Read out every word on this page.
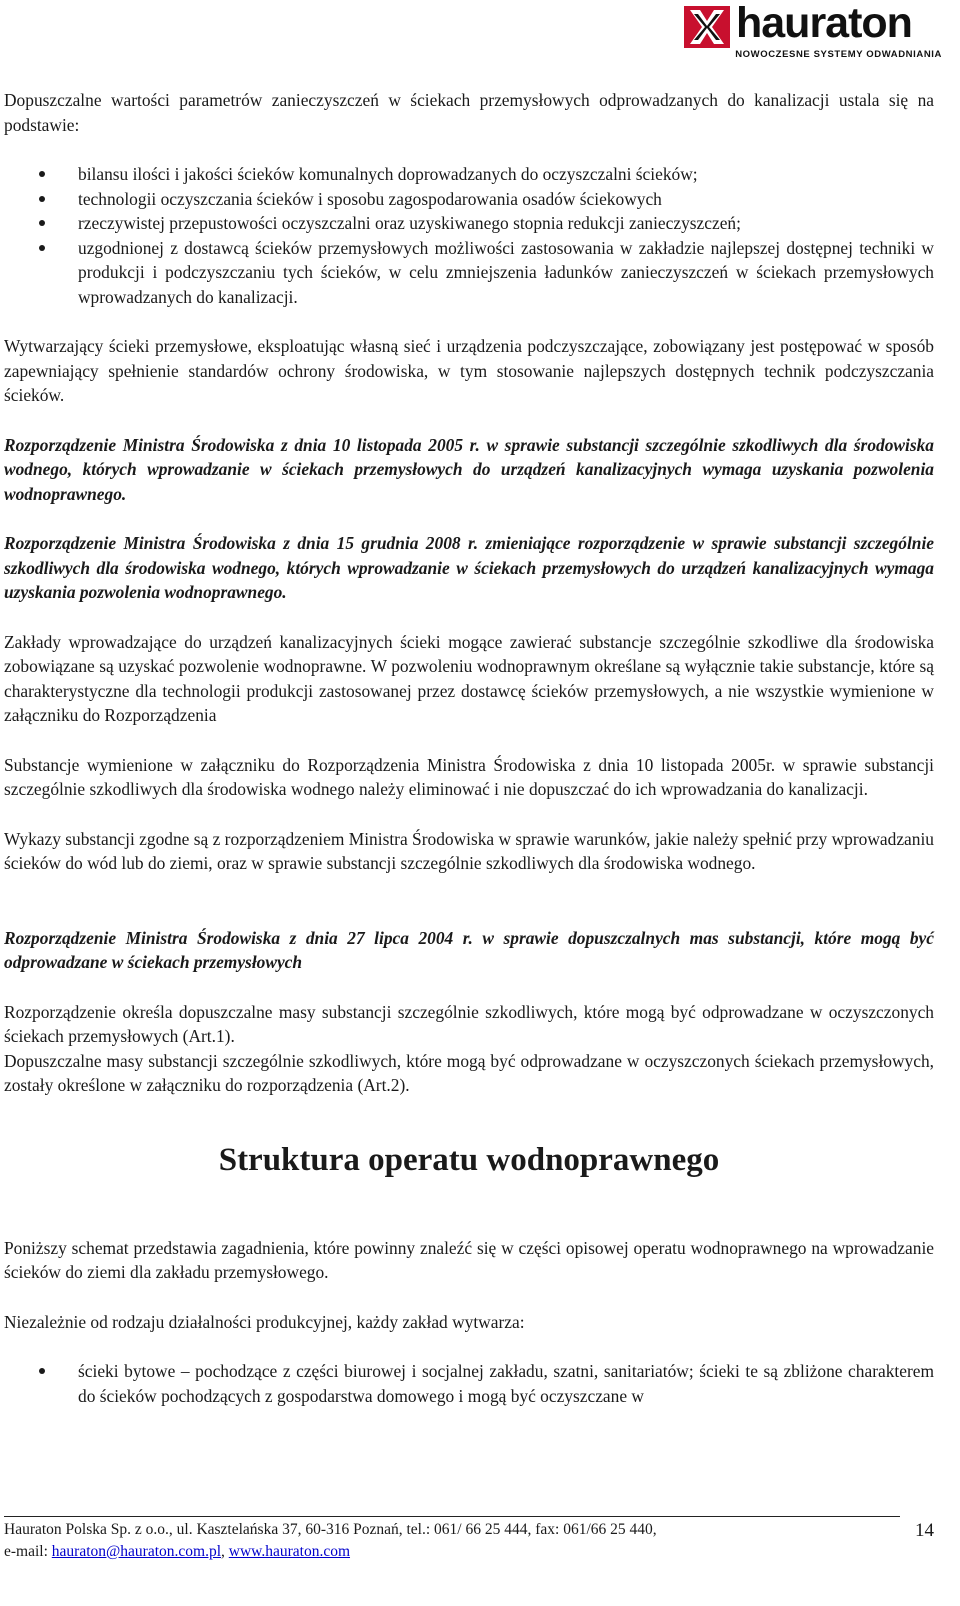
hauraton
NOWOCZESNE SYSTEMY ODWADNIANIA

Dopuszczalne wartości parametrów zanieczyszczeń w ściekach przemysłowych odprowadzanych do kanalizacji ustala się na podstawie:

bilansu ilości i jakości ścieków komunalnych doprowadzanych do oczyszczalni ścieków;
technologii oczyszczania ścieków i sposobu zagospodarowania osadów ściekowych
rzeczywistej przepustowości oczyszczalni oraz uzyskiwanego stopnia redukcji zanieczyszczeń;
uzgodnionej z dostawcą ścieków przemysłowych możliwości zastosowania w zakładzie najlepszej dostępnej techniki w produkcji i podczyszczaniu tych ścieków, w celu zmniejszenia ładunków zanieczyszczeń w ściekach przemysłowych wprowadzanych do kanalizacji.

Wytwarzający ścieki przemysłowe, eksploatując własną sieć i urządzenia podczyszczające, zobowiązany jest postępować w sposób zapewniający spełnienie standardów ochrony środowiska, w tym stosowanie najlepszych dostępnych technik podczyszczania ścieków.

Rozporządzenie Ministra Środowiska z dnia 10 listopada 2005 r. w sprawie substancji szczególnie szkodliwych dla środowiska wodnego, których wprowadzanie w ściekach przemysłowych do urządzeń kanalizacyjnych wymaga uzyskania pozwolenia wodnoprawnego.

Rozporządzenie Ministra Środowiska z dnia 15 grudnia 2008 r. zmieniające rozporządzenie w sprawie substancji szczególnie szkodliwych dla środowiska wodnego, których wprowadzanie w ściekach przemysłowych do urządzeń kanalizacyjnych wymaga uzyskania pozwolenia wodnoprawnego.

Zakłady wprowadzające do urządzeń kanalizacyjnych ścieki mogące zawierać substancje szczególnie szkodliwe dla środowiska zobowiązane są uzyskać pozwolenie wodnoprawne. W pozwoleniu wodnoprawnym określane są wyłącznie takie substancje, które są charakterystyczne dla technologii produkcji zastosowanej przez dostawcę ścieków przemysłowych, a nie wszystkie wymienione w załączniku do Rozporządzenia

Substancje wymienione w załączniku do Rozporządzenia Ministra Środowiska z dnia 10 listopada 2005r. w sprawie substancji szczególnie szkodliwych dla środowiska wodnego należy eliminować i nie dopuszczać do ich wprowadzania do kanalizacji.

Wykazy substancji zgodne są z rozporządzeniem Ministra Środowiska w sprawie warunków, jakie należy spełnić przy wprowadzaniu ścieków do wód lub do ziemi, oraz w sprawie substancji szczególnie szkodliwych dla środowiska wodnego.

Rozporządzenie Ministra Środowiska z dnia 27 lipca 2004 r. w sprawie dopuszczalnych mas substancji, które mogą być odprowadzane w ściekach przemysłowych

Rozporządzenie określa dopuszczalne masy substancji szczególnie szkodliwych, które mogą być odprowadzane w oczyszczonych ściekach przemysłowych (Art.1).

Dopuszczalne masy substancji szczególnie szkodliwych, które mogą być odprowadzane w oczyszczonych ściekach przemysłowych, zostały określone w załączniku do rozporządzenia (Art.2).

Struktura operatu wodnoprawnego

Poniższy schemat przedstawia zagadnienia, które powinny znaleźć się w części opisowej operatu wodnoprawnego na wprowadzanie ścieków do ziemi dla zakładu przemysłowego.

Niezależnie od rodzaju działalności produkcyjnej, każdy zakład wytwarza:

ścieki bytowe – pochodzące z części biurowej i socjalnej zakładu, szatni, sanitariatów; ścieki te są zbliżone charakterem do ścieków pochodzących z gospodarstwa domowego i mogą być oczyszczane w
Hauraton Polska Sp. z o.o., ul. Kasztelańska 37, 60-316 Poznań, tel.: 061/ 66 25 444, fax: 061/66 25 440,
e-mail: hauraton@hauraton.com.pl, www.hauraton.com
14
